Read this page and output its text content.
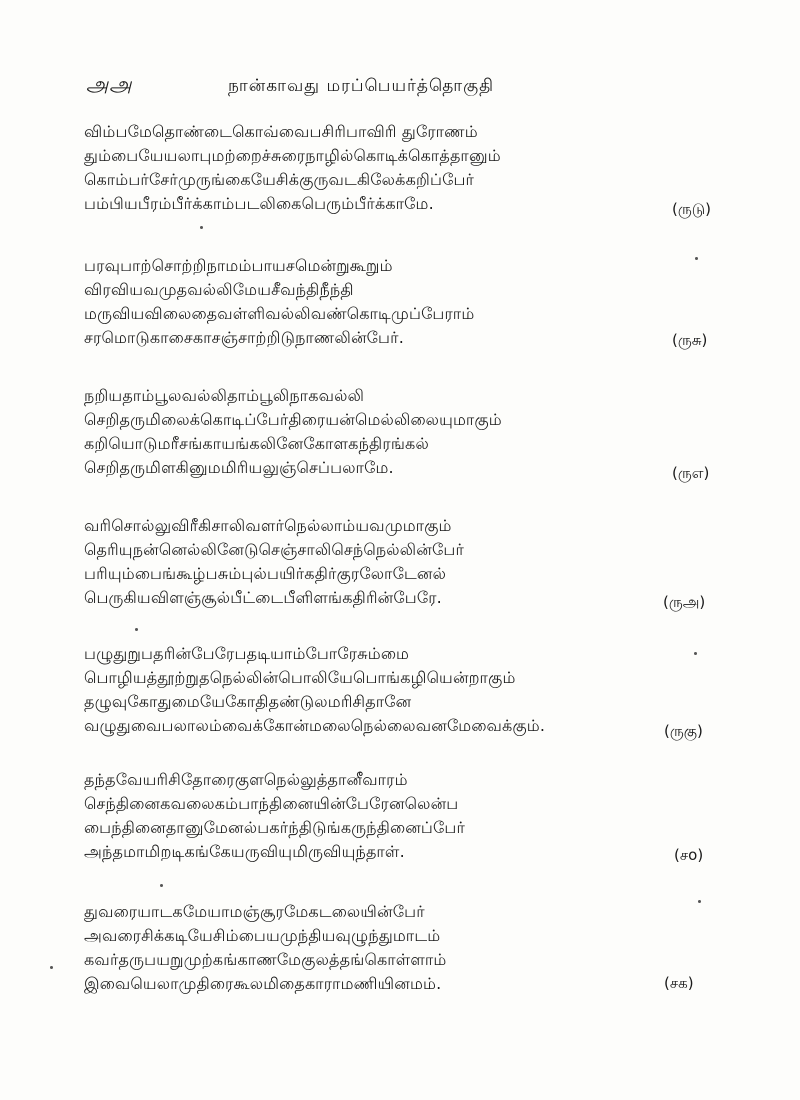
அஅ	நான்காவது மரப்பெயர்த்தொகுதி
விம்பமேதொண்டைகொவ்வைபசிரிபாவிரி துரோணம்
தும்பையேயலாபுமற்றைச்சுரைநாழில்கொடிக்கொத்தானும்
கொம்பர்சேர்முருங்கையேசிக்குருவடகிலேக்கறிப்பேர்
பம்பியபீரம்பீர்க்காம்படலிகைபெரும்பீர்க்காமே.	(ருடு)
பரவுபாற்சொற்றிநாமம்பாயசமென்றுகூறும்
விரவியவமுதவல்லிமேயசீவந்திநீந்தி
மருவியவிலைதைவள்ளிவல்லிவண்கொடிமுப்பேராம்
சரமொடுகாசைகாசஞ்சாற்றிடுநாணலின்பேர்.	(ருசு)
நறியதாம்பூலவல்லிதாம்பூலிநாகவல்லி
செறிதருமிலைக்கொடிப்பேர்திரையன்மெல்லிலையுமாகும்
கறியொடுமரீசங்காயங்கலினேகோளகந்திரங்கல்
செறிதருமிளகினுமமிரியலுஞ்செப்பலாமே.	(ருஎ)
வரிசொல்லுவிரீகிசாலிவளர்நெல்லாம்யவமுமாகும்
தெரியுநன்னெல்லினேடுசெஞ்சாலிசெந்நெல்லின்பேர்
பரியும்பைங்கூழ்பசும்புல்பயிர்கதிர்குரலோடேனல்
பெருகியவிளஞ்சூல்பீட்டைபீளிளங்கதிரின்பேரே.	(ருஅ)
பழுதுறுபதரின்பேரேபதடியாம்போரேசும்மை
பொழியத்தூற்றுதநெல்லின்பொலியேபொங்கழியென்றாகும்
தழுவுகோதுமையேகோதிதண்டுலமரிசிதானே
வழுதுவைபலாலம்வைக்கோன்மலைநெல்லைவனமேவைக்கும்.	(ருகு)
தந்தவேயரிசிதோரைகுளநெல்லுத்தானீவாரம்
செந்தினைகவலைகம்பாந்தினையின்பேரேனலென்ப
பைந்தினைதானுமேனல்பகர்ந்திடுங்கருந்தினைப்பேர்
அந்தமாமிறடிகங்கேயருவியுமிருவியுந்தாள்.	(சo)
துவரையாடகமேயாமஞ்சூரமேகடலையின்பேர்
அவரைசிக்கடியேசிம்பையமுந்தியவுழுந்துமாடம்
கவர்தருபயறுமுற்கங்காணமேகுலத்தங்கொள்ளாம்
இவையெலாமுதிரைகூலமிதைகாராமணியினமம்.	(சக)
